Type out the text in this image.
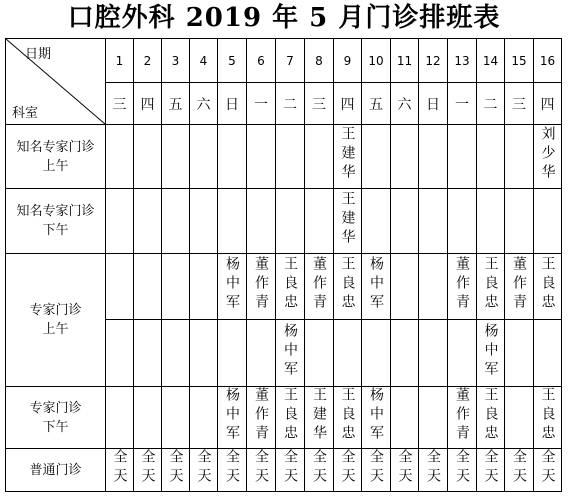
口腔外科 2019 年 5 月门诊排班表
日期
科室	1	2	3	4	5	6	7	8	9	10	11	12	13	14	15	16
	三	四	五	六	日	一	二	三	四	五	六	日	一	二	三	四
知名专家门诊
上午									王建华							刘少华
知名专家门诊
下午									王建华							
专家门诊
上午					杨中军	董作青	王良忠	董作青	王良忠	杨中军			董作青	王良忠	董作青	王良忠
							杨中军							杨中军		
专家门诊
下午					杨中军	董作青	王良忠	王建华	王良忠	杨中军			董作青	王良忠		王良忠
普通门诊	全天	全天	全天	全天	全天	全天	全天	全天	全天	全天	全天	全天	全天	全天	全天	全天
